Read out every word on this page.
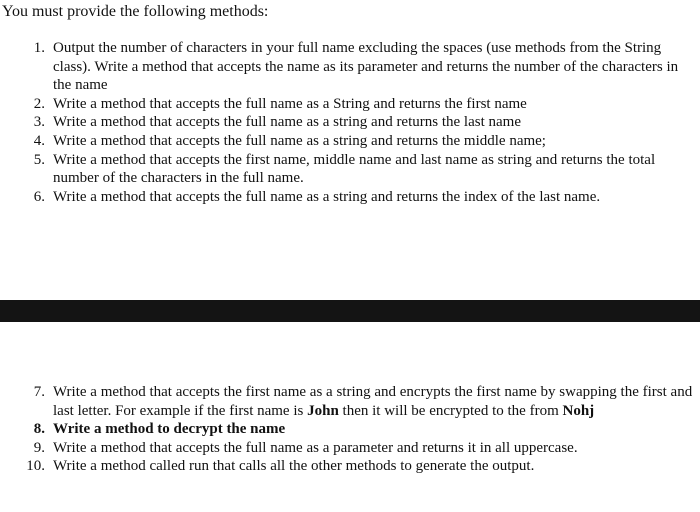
You must provide the following methods:
1. Output the number of characters in your full name excluding the spaces (use methods from the String class). Write a method that accepts the name as its parameter and returns the number of the characters in the name
2. Write a method that accepts the full name as a String and returns the first name
3. Write a method that accepts the full name as a string and returns the last name
4. Write a method that accepts the full name as a string and returns the middle name;
5. Write a method that accepts the first name, middle name and last name as string and returns the total number of the characters in the full name.
6. Write a method that accepts the full name as a string and returns the index of the last name.
7. Write a method that accepts the first name as a string and encrypts the first name by swapping the first and last letter. For example if the first name is John then it will be encrypted to the from Nohj
8. Write a method to decrypt the name
9. Write a method that accepts the full name as a parameter and returns it in all uppercase.
10. Write a method called run that calls all the other methods to generate the output.
